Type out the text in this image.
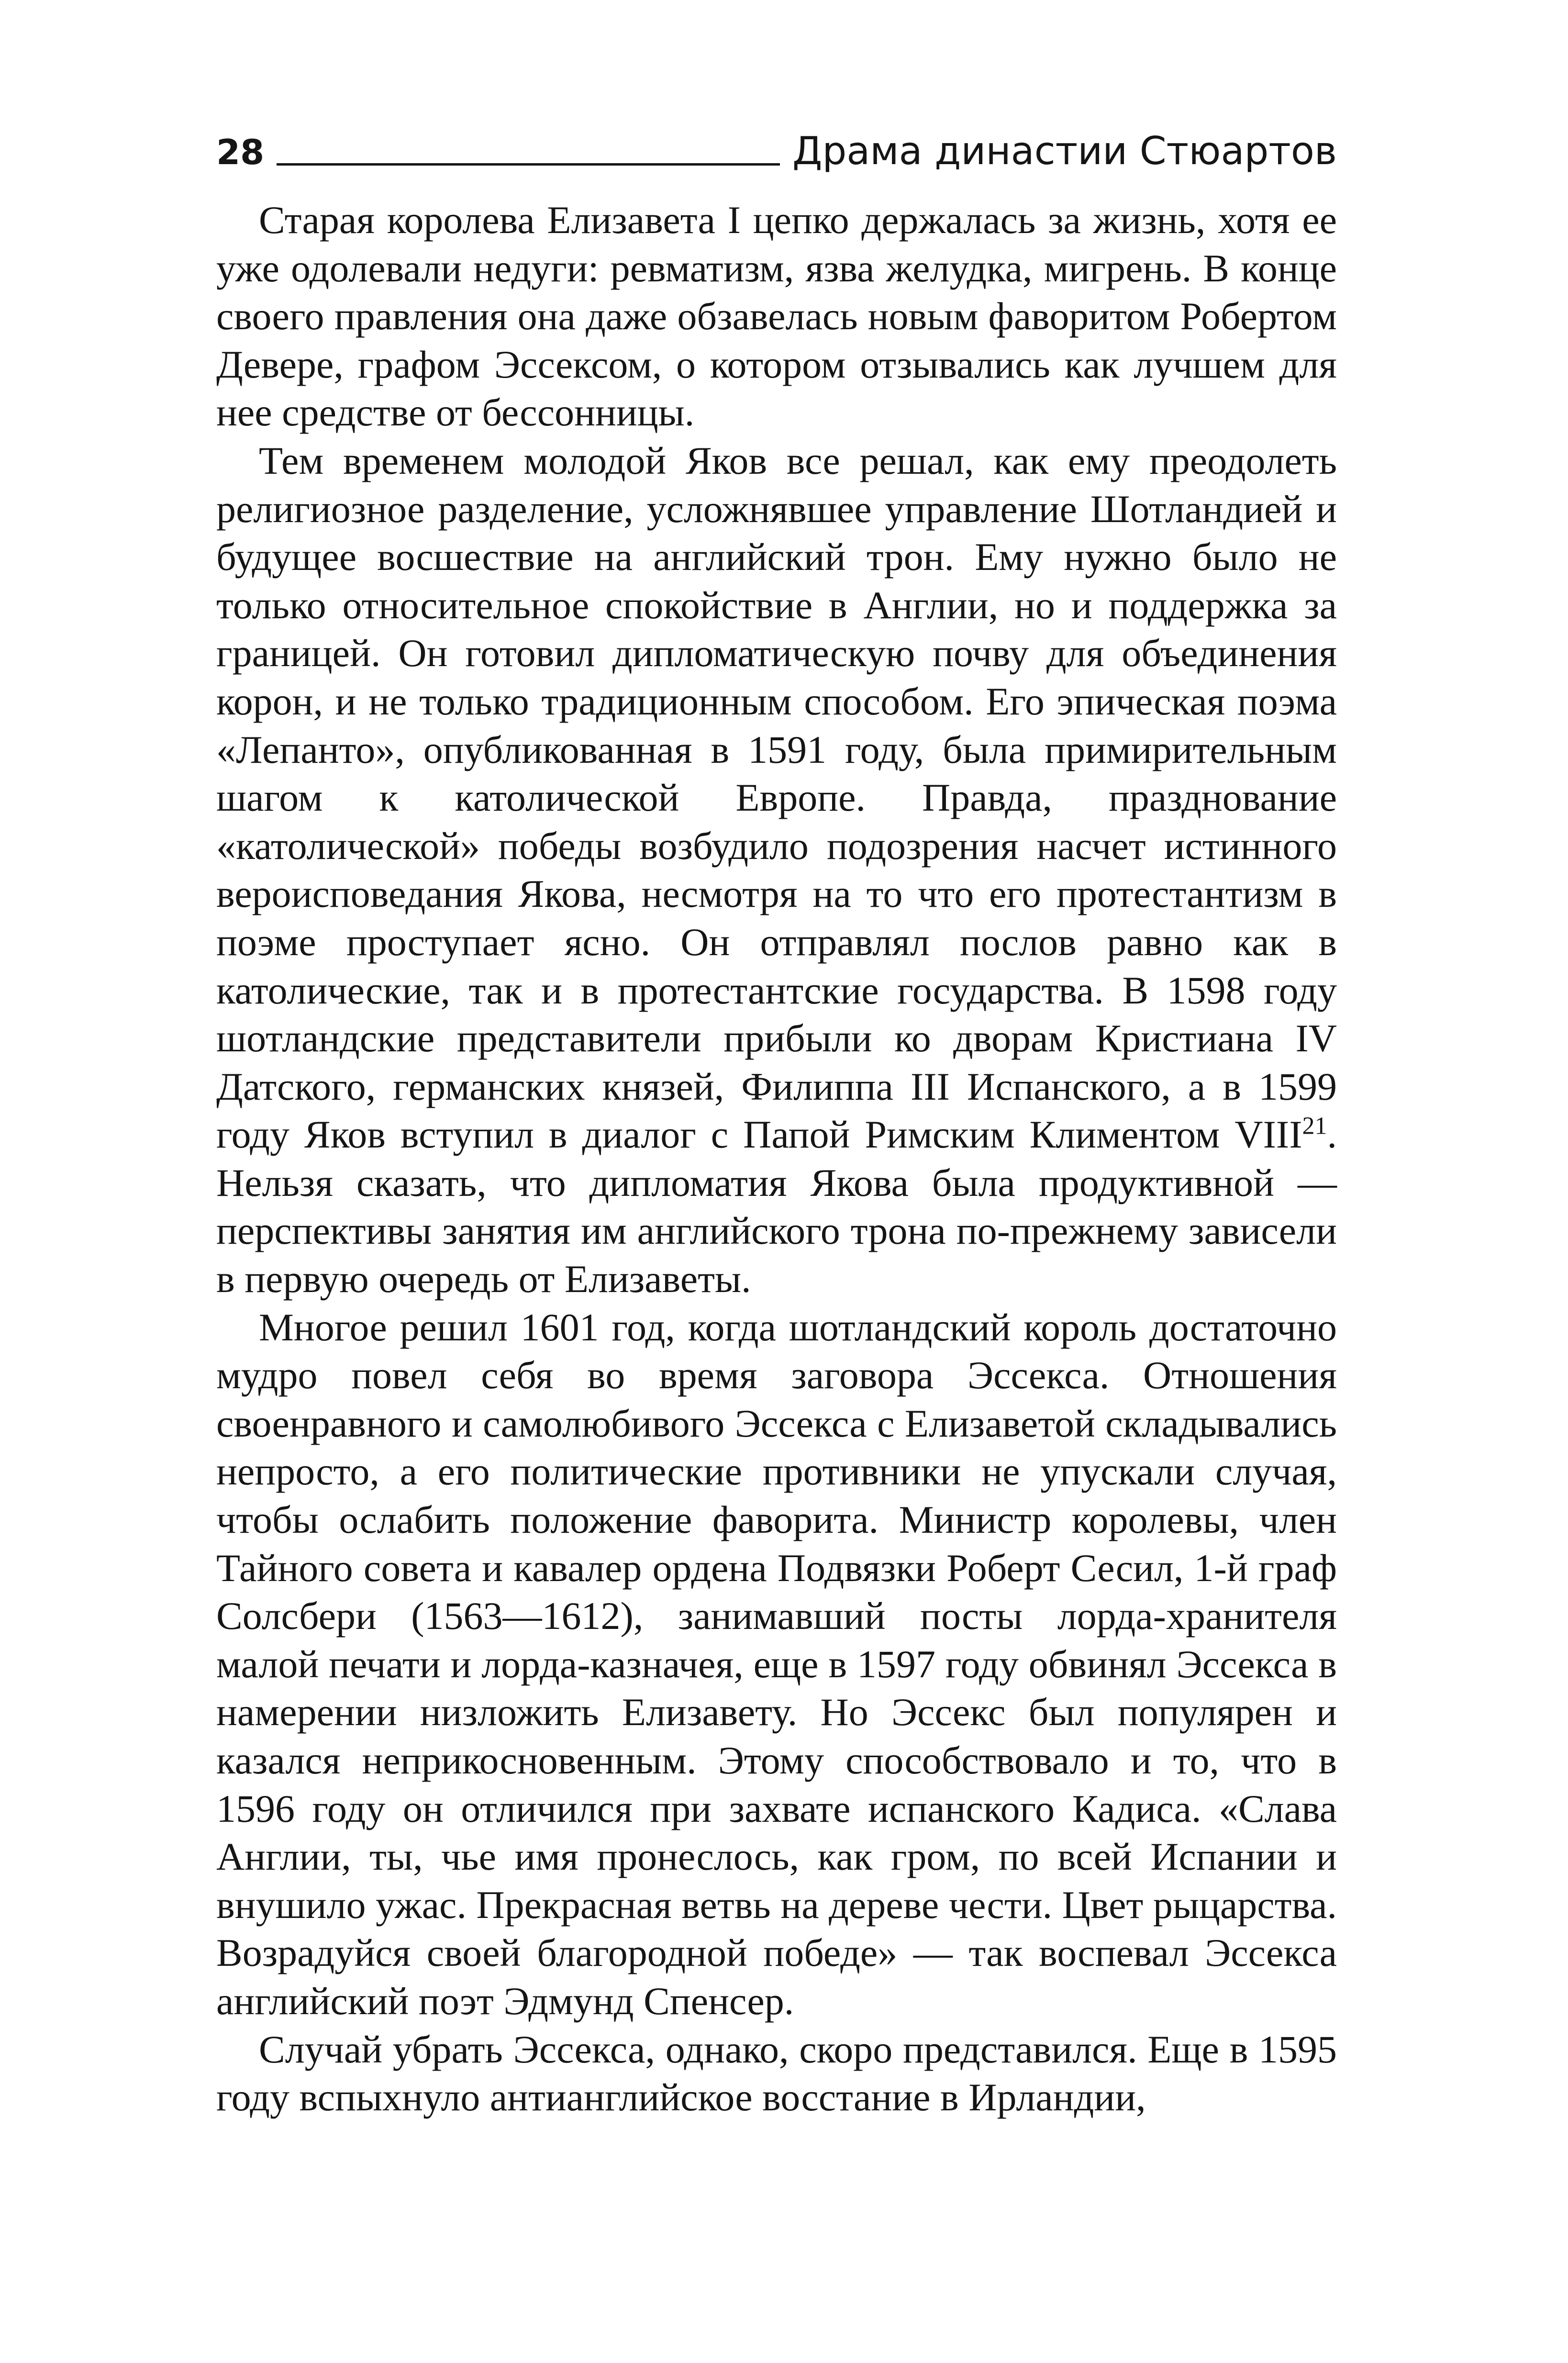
28	Драма династии Стюартов

Старая королева Елизавета I цепко держалась за жизнь, хотя ее уже одолевали недуги: ревматизм, язва желудка, мигрень. В конце своего правления она даже обзавелась новым фаворитом Робертом Девере, графом Эссексом, о котором отзывались как лучшем для нее средстве от бессонницы.

Тем временем молодой Яков все решал, как ему преодолеть религиозное разделение, усложнявшее управление Шотландией и будущее восшествие на английский трон. Ему нужно было не только относительное спокойствие в Англии, но и поддержка за границей. Он готовил дипломатическую почву для объединения корон, и не только традиционным способом. Его эпическая поэма «Лепанто», опубликованная в 1591 году, была примирительным шагом к католической Европе. Правда, празднование «католической» победы возбудило подозрения насчет истинного вероисповедания Якова, несмотря на то что его протестантизм в поэме проступает ясно. Он отправлял послов равно как в католические, так и в протестантские государства. В 1598 году шотландские представители прибыли ко дворам Кристиана IV Датского, германских князей, Филиппа III Испанского, а в 1599 году Яков вступил в диалог с Папой Римским Климентом VIII$^{21}$. Нельзя сказать, что дипломатия Якова была продуктивной — перспективы занятия им английского трона по-прежнему зависели в первую очередь от Елизаветы.

Многое решил 1601 год, когда шотландский король достаточно мудро повел себя во время заговора Эссекса. Отношения своенравного и самолюбивого Эссекса с Елизаветой складывались непросто, а его политические противники не упускали случая, чтобы ослабить положение фаворита. Министр королевы, член Тайного совета и кавалер ордена Подвязки Роберт Сесил, 1-й граф Солсбери (1563—1612), занимавший посты лорда-хранителя малой печати и лорда-казначея, еще в 1597 году обвинял Эссекса в намерении низложить Елизавету. Но Эссекс был популярен и казался неприкосновенным. Этому способствовало и то, что в 1596 году он отличился при захвате испанского Кадиса. «Слава Англии, ты, чье имя пронеслось, как гром, по всей Испании и внушило ужас. Прекрасная ветвь на дереве чести. Цвет рыцарства. Возрадуйся своей благородной победе» — так воспевал Эссекса английский поэт Эдмунд Спенсер.

Случай убрать Эссекса, однако, скоро представился. Еще в 1595 году вспыхнуло антианглийское восстание в Ирландии,
